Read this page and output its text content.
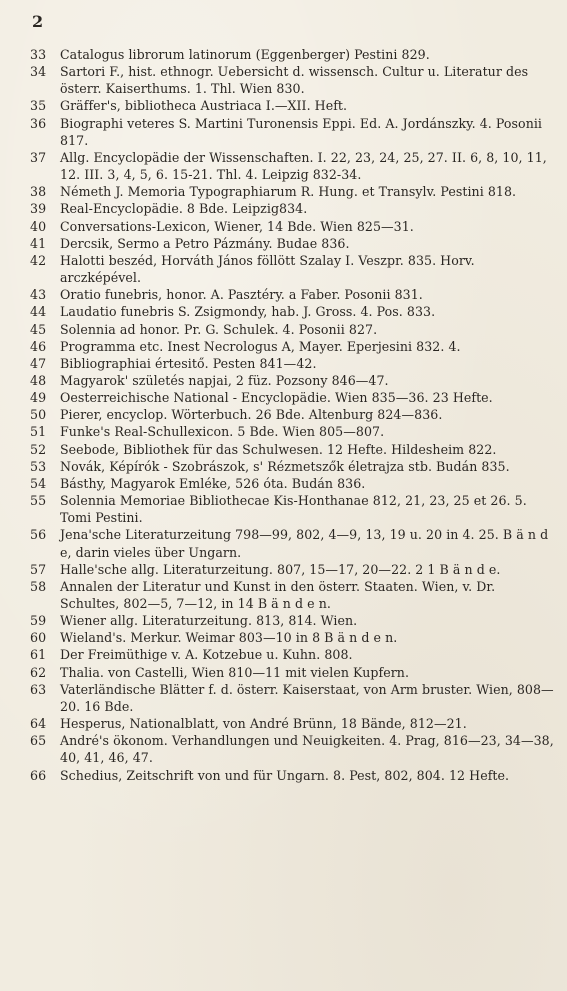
2
33	Catalogus librorum latinorum (Eggenberger) Pestini 829.
34	Sartori F., hist. ethnogr. Uebersicht d. wissensch. Cultur u. Literatur des österr. Kaiserthums. 1. Thl. Wien 830.
35	Gräffer's, bibliotheca Austriaca I.—XII. Heft.
36	Biographi veteres S. Martini Turonensis Eppi. Ed. A. Jordánszky. 4. Posonii 817.
37	Allg. Encyclopädie der Wissenschaften. I. 22, 23, 24, 25, 27. II. 6, 8, 10, 11, 12. III. 3, 4, 5, 6. 15-21. Thl. 4. Leipzig 832-34.
38	Németh J. Memoria Typographiarum R. Hung. et Transylv. Pestini 818.
39	Real-Encyclopädie. 8 Bde. Leipzig834.
40	Conversations-Lexicon, Wiener, 14 Bde. Wien 825—31.
41	Dercsik, Sermo a Petro Pázmány. Budae 836.
42	Halotti beszéd, Horváth János föllött Szalay I. Veszpr. 835. Horv. arczképével.
43	Oratio funebris, honor. A. Pasztéry. a Faber. Posonii 831.
44	Laudatio funebris S. Zsigmondy, hab. J. Gross. 4. Pos. 833.
45	Solennia ad honor. Pr. G. Schulek. 4. Posonii 827.
46	Programma etc. Inest Necrologus A, Mayer. Eperjesini 832. 4.
47	Bibliographiai értesitő. Pesten 841—42.
48	Magyarok' születés napjai, 2 füz. Pozsony 846—47.
49	Oesterreichische National - Encyclopädie. Wien 835—36. 23 Hefte.
50	Pierer, encyclop. Wörterbuch. 26 Bde. Altenburg 824—836.
51	Funke's Real-Schullexicon. 5 Bde. Wien 805—807.
52	Seebode, Bibliothek für das Schulwesen. 12 Hefte. Hildesheim 822.
53	Novák, Képírók - Szobrászok, s' Rézmetszők életrajza stb. Budán 835.
54	Básthy, Magyarok Emléke, 526 óta. Budán 836.
55	Solennia Memoriae Bibliothecae Kis-Honthanae 812, 21, 23, 25 et 26. 5. Tomi Pestini.
56	Jena'sche Literaturzeitung 798—99, 802, 4—9, 13, 19 u. 20 in 4. 25. B ä n d e, darin vieles über Ungarn.
57	Halle'sche allg. Literaturzeitung. 807, 15—17, 20—22. 2 1 B ä n d e.
58	Annalen der Literatur und Kunst in den österr. Staaten. Wien, v. Dr. Schultes, 802—5, 7—12, in 14 B ä n d e n.
59	Wiener allg. Literaturzeitung. 813, 814. Wien.
60	Wieland's. Merkur. Weimar 803—10 in 8 B ä n d e n.
61	Der Freimüthige v. A. Kotzebue u. Kuhn. 808.
62	Thalia. von Castelli, Wien 810—11 mit vielen Kupfern.
63	Vaterländische Blätter f. d. österr. Kaiserstaat, von Arm bruster. Wien, 808—20. 16 Bde.
64	Hesperus, Nationalblatt, von André Brünn, 18 Bände, 812—21.
65	André's ökonom. Verhandlungen und Neuigkeiten. 4. Prag, 816—23, 34—38, 40, 41, 46, 47.
66	Schedius, Zeitschrift von und für Ungarn. 8. Pest, 802, 804. 12 Hefte.
